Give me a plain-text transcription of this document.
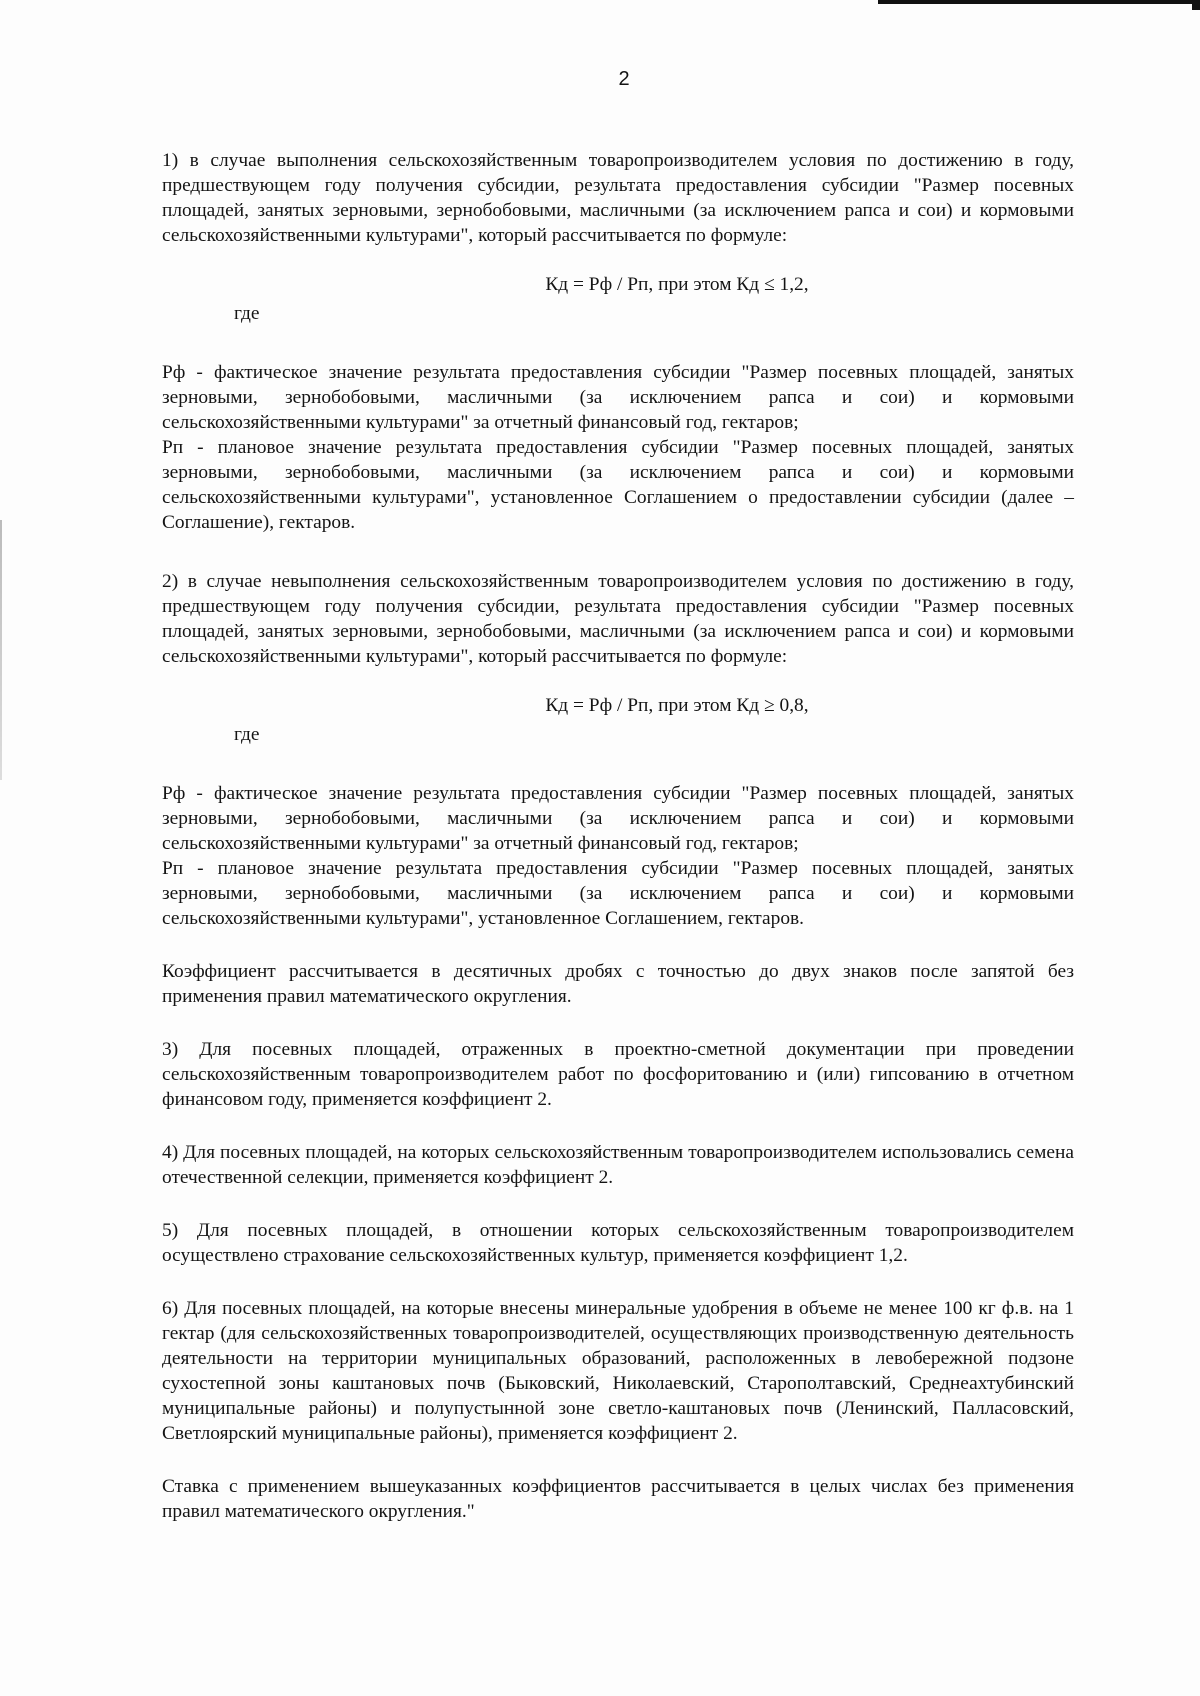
2

1) в случае выполнения сельскохозяйственным товаропроизводителем условия по достижению в году, предшествующем году получения субсидии, результата предоставления субсидии "Размер посевных площадей, занятых зерновыми, зернобобовыми, масличными (за исключением рапса и сои) и кормовыми сельскохозяйственными культурами", который рассчитывается по формуле:

Кд = Рф / Рп, при этом Кд ≤ 1,2,

где

Рф - фактическое значение результата предоставления субсидии "Размер посевных площадей, занятых зерновыми, зернобобовыми, масличными (за исключением рапса и сои) и кормовыми сельскохозяйственными культурами" за отчетный финансовый год, гектаров;

Рп - плановое значение результата предоставления субсидии "Размер посевных площадей, занятых зерновыми, зернобобовыми, масличными (за исключением рапса и сои) и кормовыми сельскохозяйственными культурами", установленное Соглашением о предоставлении субсидии (далее – Соглашение), гектаров.

2) в случае невыполнения сельскохозяйственным товаропроизводителем условия по достижению в году, предшествующем году получения субсидии, результата предоставления субсидии "Размер посевных площадей, занятых зерновыми, зернобобовыми, масличными (за исключением рапса и сои) и кормовыми сельскохозяйственными культурами", который рассчитывается по формуле:

Кд = Рф / Рп, при этом Кд ≥ 0,8,

где

Рф - фактическое значение результата предоставления субсидии "Размер посевных площадей, занятых зерновыми, зернобобовыми, масличными (за исключением рапса и сои) и кормовыми сельскохозяйственными культурами" за отчетный финансовый год, гектаров;

Рп - плановое значение результата предоставления субсидии "Размер посевных площадей, занятых зерновыми, зернобобовыми, масличными (за исключением рапса и сои) и кормовыми сельскохозяйственными культурами", установленное Соглашением, гектаров.

Коэффициент рассчитывается в десятичных дробях с точностью до двух знаков после запятой без применения правил математического округления.

3) Для посевных площадей, отраженных в проектно-сметной документации при проведении сельскохозяйственным товаропроизводителем работ по фосфоритованию и (или) гипсованию в отчетном финансовом году, применяется коэффициент 2.

4) Для посевных площадей, на которых сельскохозяйственным товаропроизводителем использовались семена отечественной селекции, применяется коэффициент 2.

5) Для посевных площадей, в отношении которых сельскохозяйственным товаропроизводителем осуществлено страхование сельскохозяйственных культур, применяется коэффициент 1,2.

6) Для посевных площадей, на которые внесены минеральные удобрения в объеме не менее 100 кг ф.в. на 1 гектар (для сельскохозяйственных товаропроизводителей, осуществляющих производственную деятельность деятельности на территории муниципальных образований, расположенных в левобережной подзоне сухостепной зоны каштановых почв (Быковский, Николаевский, Старополтавский, Среднеахтубинский муниципальные районы) и полупустынной зоне светло-каштановых почв (Ленинский, Палласовский, Светлоярский муниципальные районы), применяется коэффициент 2.

Ставка с применением вышеуказанных коэффициентов рассчитывается в целых числах без применения правил математического округления."
